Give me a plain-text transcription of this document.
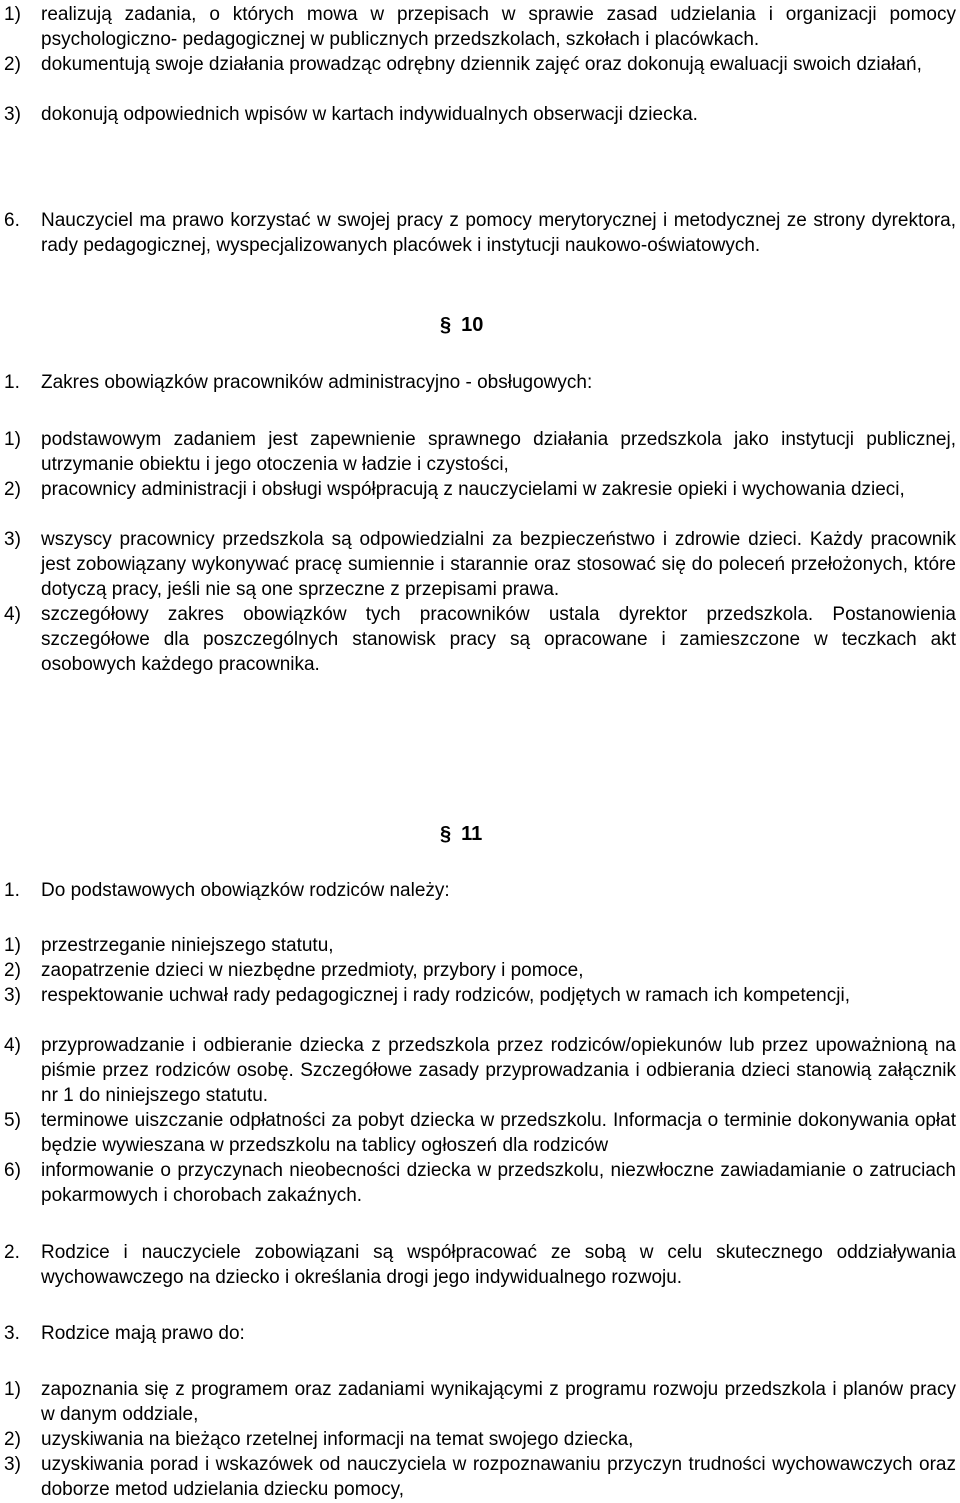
1)	realizują zadania, o których mowa w przepisach w sprawie zasad udzielania i organizacji pomocy psychologiczno- pedagogicznej w publicznych przedszkolach, szkołach i placówkach.
2)	dokumentują swoje działania prowadząc odrębny dziennik zajęć oraz dokonują ewaluacji swoich działań,
3)	dokonują odpowiednich wpisów w kartach indywidualnych obserwacji dziecka.
6.	Nauczyciel ma prawo korzystać w swojej pracy z pomocy merytorycznej i metodycznej ze strony dyrektora, rady pedagogicznej, wyspecjalizowanych placówek i instytucji naukowo-oświatowych.
§ 10
1.	Zakres obowiązków pracowników administracyjno - obsługowych:
1)	podstawowym zadaniem jest zapewnienie sprawnego działania przedszkola jako instytucji publicznej, utrzymanie obiektu i jego otoczenia w ładzie i czystości,
2)	pracownicy administracji i obsługi współpracują z nauczycielami w zakresie opieki i wychowania dzieci,
3)	wszyscy pracownicy przedszkola są odpowiedzialni za bezpieczeństwo i zdrowie dzieci. Każdy pracownik jest zobowiązany wykonywać pracę sumiennie i starannie oraz stosować się do poleceń przełożonych, które dotyczą pracy, jeśli nie są one sprzeczne z przepisami prawa.
4)	szczegółowy zakres obowiązków tych pracowników ustala dyrektor przedszkola. Postanowienia szczegółowe dla poszczególnych stanowisk pracy są opracowane i zamieszczone w teczkach akt osobowych każdego pracownika.
§ 11
1.	Do podstawowych obowiązków rodziców należy:
1)	przestrzeganie niniejszego statutu,
2)	zaopatrzenie dzieci w niezbędne przedmioty, przybory i pomoce,
3)	respektowanie uchwał rady pedagogicznej i rady rodziców, podjętych w ramach ich kompetencji,
4)	przyprowadzanie i odbieranie dziecka z przedszkola przez rodziców/opiekunów lub przez upoważnioną na piśmie przez rodziców osobę. Szczegółowe zasady przyprowadzania i odbierania dzieci stanowią załącznik nr 1 do niniejszego statutu.
5)	terminowe uiszczanie odpłatności za pobyt dziecka w przedszkolu. Informacja o terminie dokonywania opłat będzie wywieszana w przedszkolu na tablicy ogłoszeń dla rodziców
6)	informowanie o przyczynach nieobecności dziecka w przedszkolu, niezwłoczne zawiadamianie o zatruciach pokarmowych i chorobach zakaźnych.
2.	Rodzice i nauczyciele zobowiązani są współpracować ze sobą w celu skutecznego oddziaływania wychowawczego na dziecko i określania drogi jego indywidualnego rozwoju.
3.	Rodzice mają prawo do:
1)	zapoznania się z programem oraz zadaniami wynikającymi z programu rozwoju przedszkola i planów pracy w danym oddziale,
2)	uzyskiwania na bieżąco rzetelnej informacji na temat swojego dziecka,
3)	uzyskiwania porad i wskazówek od nauczyciela w rozpoznawaniu przyczyn trudności wychowawczych oraz doborze metod udzielania dziecku pomocy,
